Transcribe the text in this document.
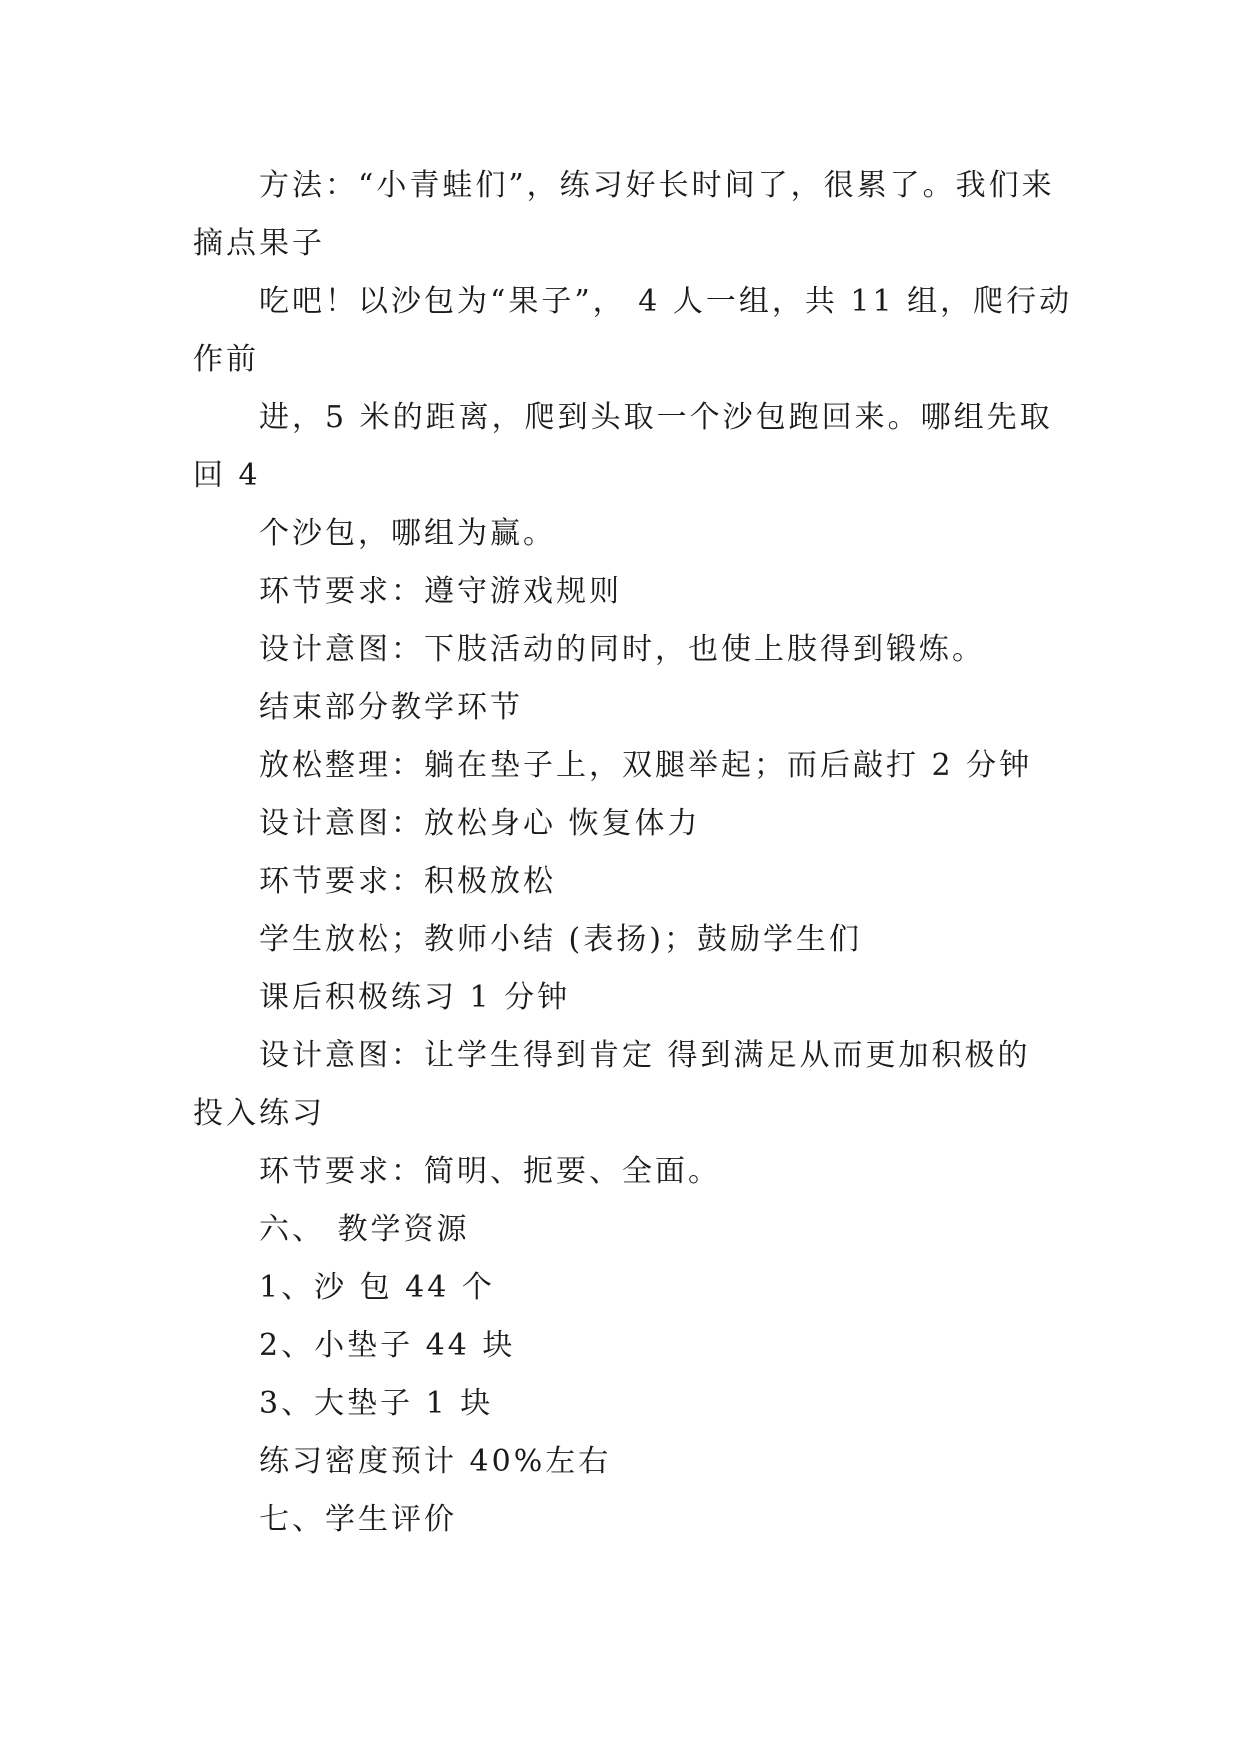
方法：“小青蛙们”，练习好长时间了，很累了。我们来

摘点果子

吃吧！以沙包为“果子”， 4 人一组，共 11 组，爬行动

作前

进，5 米的距离，爬到头取一个沙包跑回来。哪组先取

回 4

个沙包，哪组为赢。

环节要求：遵守游戏规则

设计意图：下肢活动的同时，也使上肢得到锻炼。

结束部分教学环节

放松整理：躺在垫子上，双腿举起；而后敲打 2 分钟

设计意图：放松身心 恢复体力

环节要求：积极放松

学生放松；教师小结 (表扬)；鼓励学生们

课后积极练习 1 分钟

设计意图：让学生得到肯定 得到满足从而更加积极的

投入练习

环节要求：简明、扼要、全面。

六、 教学资源

1、沙 包 44 个

2、小垫子 44 块

3、大垫子 1 块

练习密度预计 40%左右

七、学生评价
